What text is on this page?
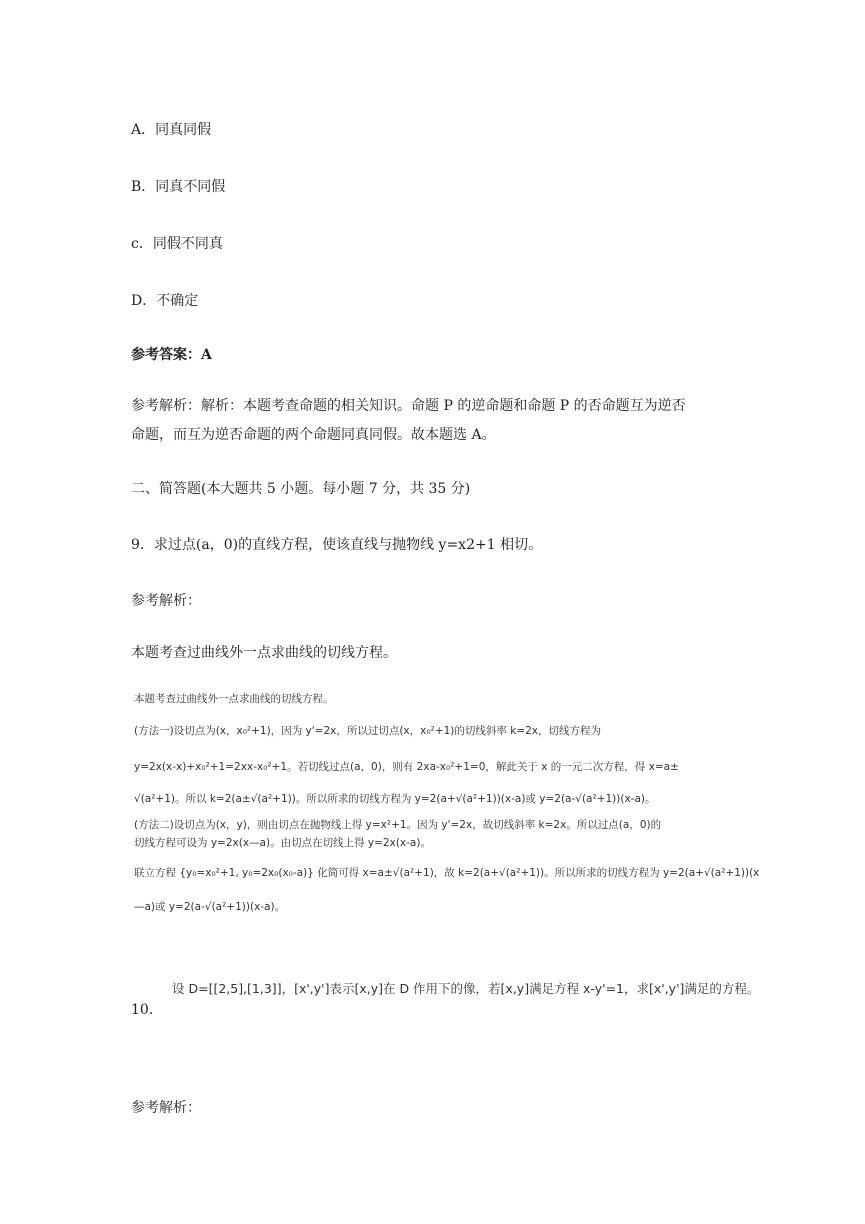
A．同真同假
B．同真不同假
c．同假不同真
D．不确定
参考答案：A
参考解析：解析：本题考查命题的相关知识。命题 P 的逆命题和命题 P 的否命题互为逆否
命题，而互为逆否命题的两个命题同真同假。故本题选 A。
二、简答题(本大题共 5 小题。每小题 7 分，共 35 分)
9．求过点(a，0)的直线方程，使该直线与抛物线 y=x2+1 相切。
参考解析：
本题考查过曲线外一点求曲线的切线方程。
本题考查过曲线外一点求曲线的切线方程。
(方法一)设切点为(x，x₀²+1)，因为 y'=2x，所以过切点(x，x₀²+1)的切线斜率 k=2x，切线方程为
y=2x(x-x)+x₀²+1=2xx-x₀²+1。若切线过点(a，0)，则有 2xa-x₀²+1=0，解此关于 x 的一元二次方程，得 x=a±
√(a²+1)。所以 k=2(a±√(a²+1))。所以所求的切线方程为 y=2(a+√(a²+1))(x-a)或 y=2(a-√(a²+1))(x-a)。
(方法二)设切点为(x，y)，则由切点在抛物线上得 y=x²+1。因为 y'=2x，故切线斜率 k=2x。所以过点(a，0)的
切线方程可设为 y=2x(x—a)。由切点在切线上得 y=2x(x-a)。
联立方程 {y₀=x₀²+1, y₀=2x₀(x₀-a)} 化简可得 x=a±√(a²+1)，故 k=2(a+√(a²+1))。所以所求的切线方程为 y=2(a+√(a²+1))(x
—a)或 y=2(a-√(a²+1))(x-a)。
10．
设 D=[[2,5],[1,3]]，[x',y']表示[x,y]在 D 作用下的像，若[x,y]满足方程 x-y'=1，求[x',y']满足的方程。
参考解析：
